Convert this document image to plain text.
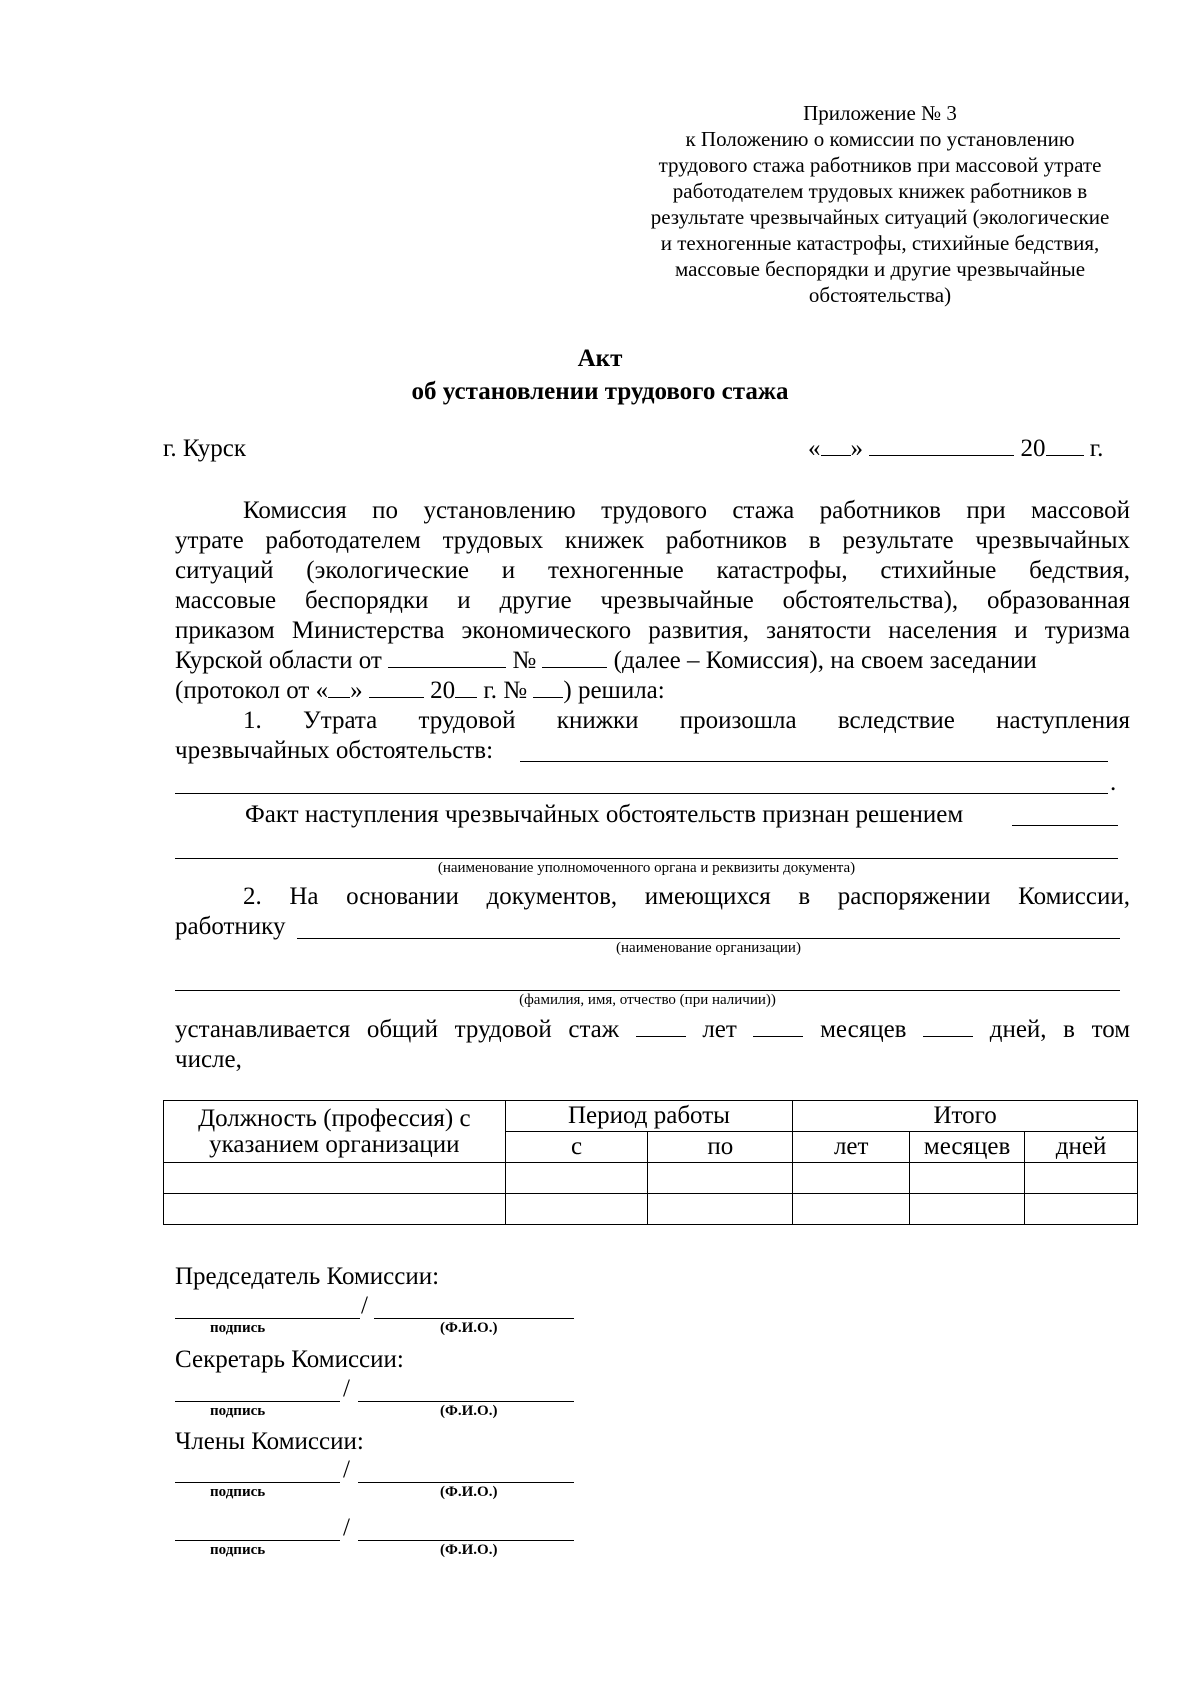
Приложение № 3
к Положению о комиссии по установлению
трудового стажа работников при массовой утрате
работодателем трудовых книжек работников в
результате чрезвычайных ситуаций (экологические
и техногенные катастрофы, стихийные бедствия,
массовые беспорядки и другие чрезвычайные
обстоятельства)
Акт
об установлении трудового стажа
г. Курск	« »	20 г.
Комиссия по установлению трудового стажа работников при массовой
утрате работодателем трудовых книжек работников в результате чрезвычайных
ситуаций (экологические и техногенные катастрофы, стихийные бедствия,
массовые беспорядки и другие чрезвычайные обстоятельства), образованная
приказом Министерства экономического развития, занятости населения и туризма
Курской области от	№	(далее – Комиссия), на своем заседании
(протокол от « »	20 г. № ) решила:
1. Утрата трудовой книжки произошла вследствие наступления
чрезвычайных обстоятельств:
.
Факт наступления чрезвычайных обстоятельств признан решением
(наименование уполномоченного органа и реквизиты документа)
2. На основании документов, имеющихся в распоряжении Комиссии,
работнику
(наименование организации)
(фамилия, имя, отчество (при наличии))
устанавливается общий трудовой стаж	лет	месяцев	дней, в том
числе,
Должность (профессия) с
указанием организации	Период работы		Итого		
	с	по	лет	месяцев	дней

Председатель Комиссии:
/
подпись	(Ф.И.О.)
Секретарь Комиссии:
/
подпись	(Ф.И.О.)
Члены Комиссии:
/
подпись	(Ф.И.О.)
/
подпись	(Ф.И.О.)
